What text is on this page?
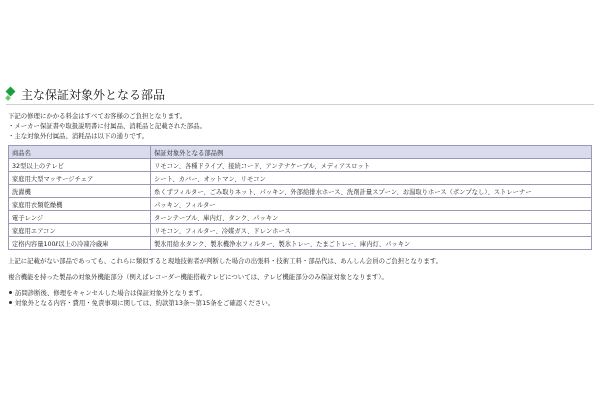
主な保証対象外となる部品
下記の修理にかかる料金はすべてお客様のご負担となります。
・メーカー保証書や取扱説明書に付属品、消耗品と記載された部品。
・主な対象外付属品、消耗品は以下の通りです。
商品名	保証対象外となる部品例
32型以上のテレビ	リモコン、各種ドライブ、接続コード、アンテナケーブル、メディアスロット
家庭用大型マッサージチェア	シート、カバー、オットマン、リモコン
洗濯機	糸くずフィルター、ごみ取りネット、パッキン、外部給排水ホース、洗剤計量スプーン、お湯取りホース（ポンプなし）、ストレーナー
家庭用衣類乾燥機	パッキン、フィルター
電子レンジ	ターンテーブル、庫内灯、タンク、パッキン
家庭用エアコン	リモコン、フィルター、冷媒ガス、ドレンホース
定格内容量100ℓ以上の冷凍冷蔵庫	製氷用給水タンク、製氷機浄水フィルター、製氷トレー、たまごトレー、庫内灯、パッキン
上記に記載がない部品であっても、これらに類似すると現地技術者が判断した場合の出張料・技術工料・部品代は、あんしん会員のご負担となります。
複合機能を持った製品の対象外機能部分（例えばレコーダー機能搭載テレビについては、テレビ機能部分のみ保証対象となります）。
訪問診断後、修理をキャンセルした場合は保証対象外となります。
対象外となる内容・費用・免責事項に関しては、約款第13条〜第15条をご確認ください。
